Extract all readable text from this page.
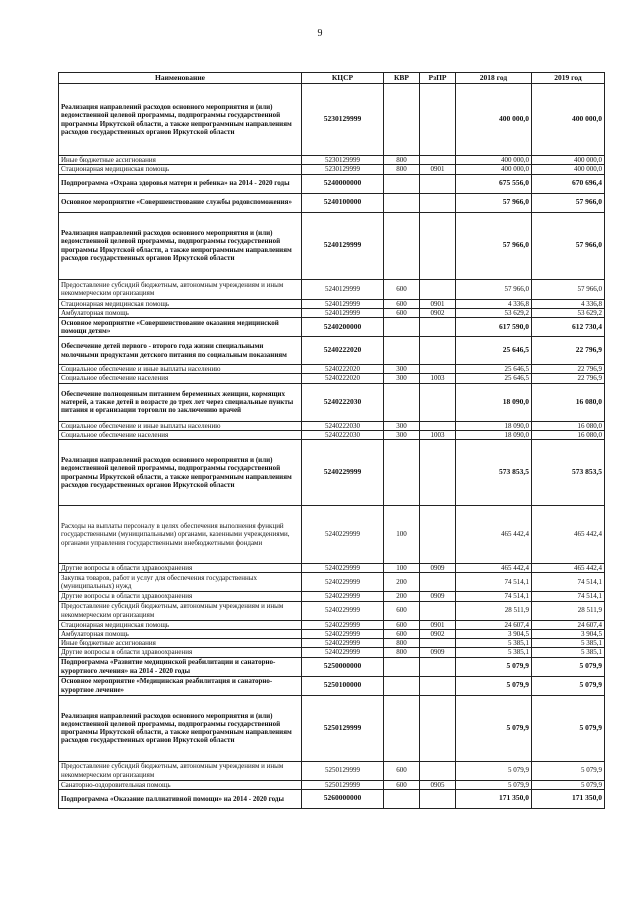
9
Наименование	КЦСР	КВР	РзПР	2018 год	2019 год
Реализация направлений расходов основного мероприятия и (или) ведомственной целевой программы, подпрограммы государственной программы Иркутской области, а также непрограммным направлениям расходов государственных органов Иркутской области	5230129999			400 000,0	400 000,0
Иные бюджетные ассигнования	5230129999	800		400 000,0	400 000,0
Стационарная медицинская помощь	5230129999	800	0901	400 000,0	400 000,0
Подпрограмма «Охрана здоровья матери и ребенка» на 2014 - 2020 годы	5240000000			675 556,0	670 696,4
Основное мероприятие «Совершенствование службы родовспоможения»	5240100000			57 966,0	57 966,0
Реализация направлений расходов основного мероприятия и (или) ведомственной целевой программы, подпрограммы государственной программы Иркутской области, а также непрограммным направлениям расходов государственных органов Иркутской области	5240129999			57 966,0	57 966,0
Предоставление субсидий бюджетным, автономным учреждениям и иным некоммерческим организациям	5240129999	600		57 966,0	57 966,0
Стационарная медицинская помощь	5240129999	600	0901	4 336,8	4 336,8
Амбулаторная помощь	5240129999	600	0902	53 629,2	53 629,2
Основное мероприятие «Совершенствование оказания медицинской помощи детям»	5240200000			617 590,0	612 730,4
Обеспечение детей первого - второго года жизни специальными молочными продуктами детского питания по социальным показаниям	5240222020			25 646,5	22 796,9
Социальное обеспечение и иные выплаты населению	5240222020	300		25 646,5	22 796,9
Социальное обеспечение населения	5240222020	300	1003	25 646,5	22 796,9
Обеспечение полноценным питанием беременных женщин, кормящих матерей, а также детей в возрасте до трех лет через специальные пункты питания и организации торговли по заключению врачей	5240222030			18 090,0	16 080,0
Социальное обеспечение и иные выплаты населению	5240222030	300		18 090,0	16 080,0
Социальное обеспечение населения	5240222030	300	1003	18 090,0	16 080,0
Реализация направлений расходов основного мероприятия и (или) ведомственной целевой программы, подпрограммы государственной программы Иркутской области, а также непрограммным направлениям расходов государственных органов Иркутской области	5240229999			573 853,5	573 853,5
Расходы на выплаты персоналу в целях обеспечения выполнения функций государственными (муниципальными) органами, казенными учреждениями, органами управления государственными внебюджетными фондами	5240229999	100		465 442,4	465 442,4
Другие вопросы в области здравоохранения	5240229999	100	0909	465 442,4	465 442,4
Закупка товаров, работ и услуг для обеспечения государственных (муниципальных) нужд	5240229999	200		74 514,1	74 514,1
Другие вопросы в области здравоохранения	5240229999	200	0909	74 514,1	74 514,1
Предоставление субсидий бюджетным, автономным учреждениям и иным некоммерческим организациям	5240229999	600		28 511,9	28 511,9
Стационарная медицинская помощь	5240229999	600	0901	24 607,4	24 607,4
Амбулаторная помощь	5240229999	600	0902	3 904,5	3 904,5
Иные бюджетные ассигнования	5240229999	800		5 385,1	5 385,1
Другие вопросы в области здравоохранения	5240229999	800	0909	5 385,1	5 385,1
Подпрограмма «Развитие медицинской реабилитации и санаторно-курортного лечения» на 2014 - 2020 годы	5250000000			5 079,9	5 079,9
Основное мероприятие «Медицинская реабилитация и санаторно-курортное лечение»	5250100000			5 079,9	5 079,9
Реализация направлений расходов основного мероприятия и (или) ведомственной целевой программы, подпрограммы государственной программы Иркутской области, а также непрограммным направлениям расходов государственных органов Иркутской области	5250129999			5 079,9	5 079,9
Предоставление субсидий бюджетным, автономным учреждениям и иным некоммерческим организациям	5250129999	600		5 079,9	5 079,9
Санаторно-оздоровительная помощь	5250129999	600	0905	5 079,9	5 079,9
Подпрограмма «Оказание паллиативной помощи» на 2014 - 2020 годы	5260000000			171 350,0	171 350,0
